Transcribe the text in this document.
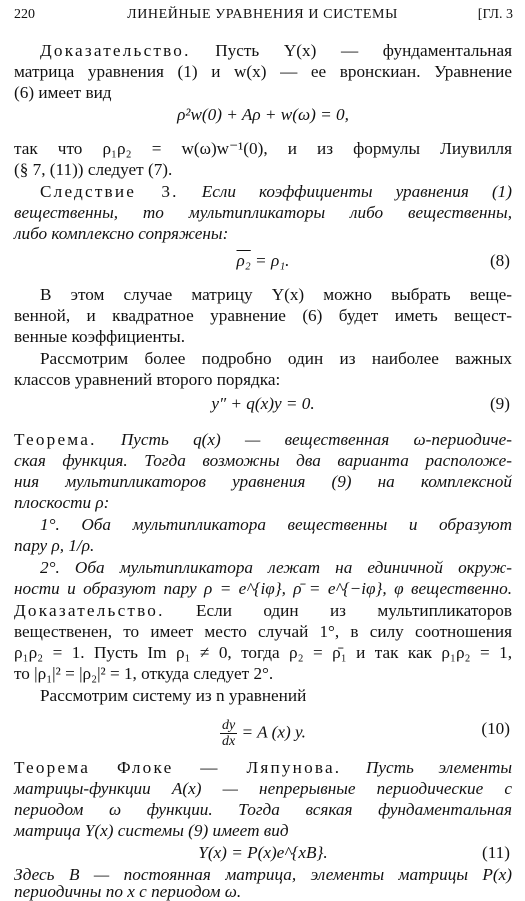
220	ЛИНЕЙНЫЕ УРАВНЕНИЯ И СИСТЕМЫ	[ГЛ. 3
Доказательство. Пусть Y(x) — фундаментальная
матрица уравнения (1) и w(x) — ее вронскиан. Уравнение
(6) имеет вид
ρ²w(0) + Aρ + w(ω) = 0,
так что ρ₁ρ₂ = w(ω)w⁻¹(0), и из формулы Лиувилля
(§ 7, (11)) следует (7).
Следствие 3. Если коэффициенты уравнения (1)
вещественны, то мультипликаторы либо вещественны,
либо комплексно сопряжены:
ρ₂ = ρ₁.	(8)
В этом случае матрицу Y(x) можно выбрать веще-
венной, и квадратное уравнение (6) будет иметь вещест-
венные коэффициенты.
Рассмотрим более подробно один из наиболее важных
классов уравнений второго порядка:
y″ + q(x)y = 0.	(9)
Теорема. Пусть q(x) — вещественная ω-периодиче-
ская функция. Тогда возможны два варианта расположе-
ния мультипликаторов уравнения (9) на комплексной
плоскости ρ:
1°. Оба мультипликатора вещественны и образуют
пару ρ, 1/ρ.
2°. Оба мультипликатора лежат на единичной окруж-
ности и образуют пару ρ = e^{iφ}, ρ̄ = e^{−iφ}, φ вещественно.
Доказательство. Если один из мультипликаторов
вещественен, то имеет место случай 1°, в силу соотношения
ρ₁ρ₂ = 1. Пусть Im ρ₁ ≠ 0, тогда ρ₂ = ρ̄₁ и так как ρ₁ρ₂ = 1,
то |ρ₁|² = |ρ₂|² = 1, откуда следует 2°.
Рассмотрим систему из n уравнений
$\frac{dy}{dx} = A$ (x) y.	(10)
Теорема Флоке — Ляпунова. Пусть элементы
матрицы-функции A(x) — непрерывные периодические с
периодом ω функции. Тогда всякая фундаментальная
матрица Y(x) системы (9) имеет вид
Y(x) = P(x)e^{xB}.	(11)
Здесь B — постоянная матрица, элементы матрицы P(x)
периодичны по x с периодом ω.
